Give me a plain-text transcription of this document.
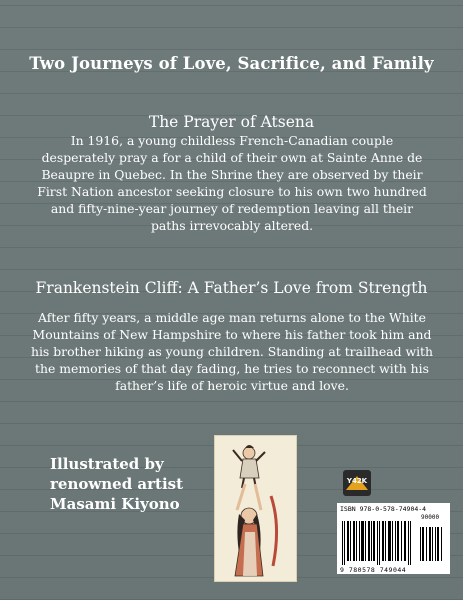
Two Journeys of Love, Sacrifice, and Family
The Prayer of Atsena
In 1916, a young childless French-Canadian couple desperately pray a for a child of their own at Sainte Anne de Beaupre in Quebec. In the Shrine they are observed by their First Nation ancestor seeking closure to his own two hundred and fifty-nine-year journey of redemption leaving all their paths irrevocably altered.
Frankenstein Cliff: A Father’s Love from Strength
After fifty years, a middle age man returns alone to the White Mountains of New Hampshire to where his father took him and his brother hiking as young children. Standing at trailhead with the memories of that day fading, he tries to reconnect with his father’s life of heroic virtue and love.
Illustrated by
renowned artist
Masami Kiyono
Y42K
ISBN 978-0-578-74904-4
90000
9 780578 749044
